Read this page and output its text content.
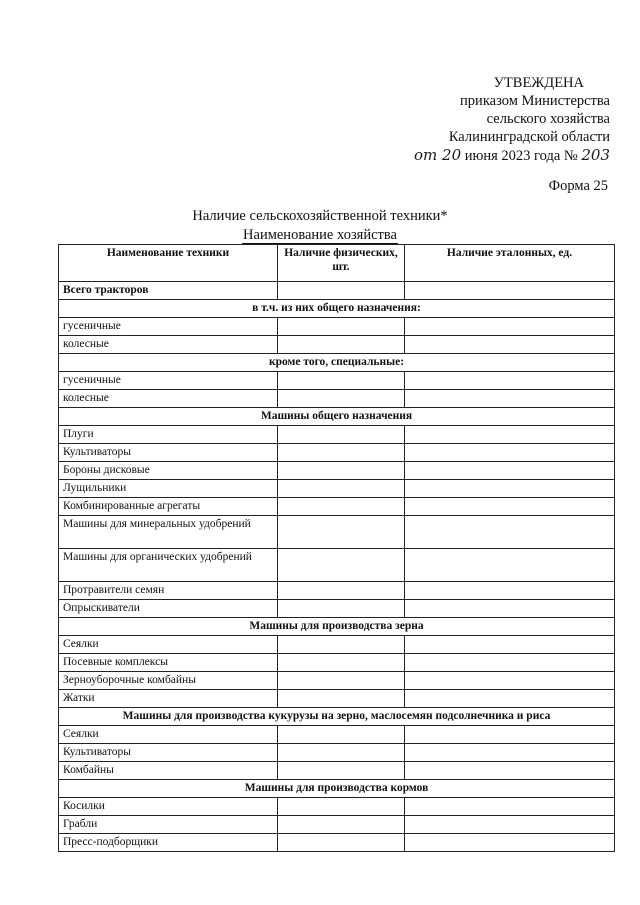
УТВЕЖДЕНА
приказом Министерства
сельского хозяйства
Калининградской области
от 20 июня 2023 года № 203
Форма 25
Наличие сельскохозяйственной техники*
Наименование хозяйства
Наименование техники	Наличие физических, шт.	Наличие эталонных, ед.
Всего тракторов		
в т.ч. из них общего назначения:		
гусеничные		
колесные		
кроме того, специальные:		
гусеничные		
колесные		
Машины общего назначения		
Плуги		
Культиваторы		
Бороны дисковые		
Лущильники		
Комбинированные агрегаты		
Машины для минеральных удобрений		
Машины для органических удобрений		
Протравители семян		
Опрыскиватели		
Машины для производства зерна		
Сеялки		
Посевные комплексы		
Зерноуборочные комбайны		
Жатки		
Машины для производства кукурузы на зерно, маслосемян подсолнечника и риса		
Сеялки		
Культиваторы		
Комбайны		
Машины для производства кормов		
Косилки		
Грабли		
Пресс-подборщики		
